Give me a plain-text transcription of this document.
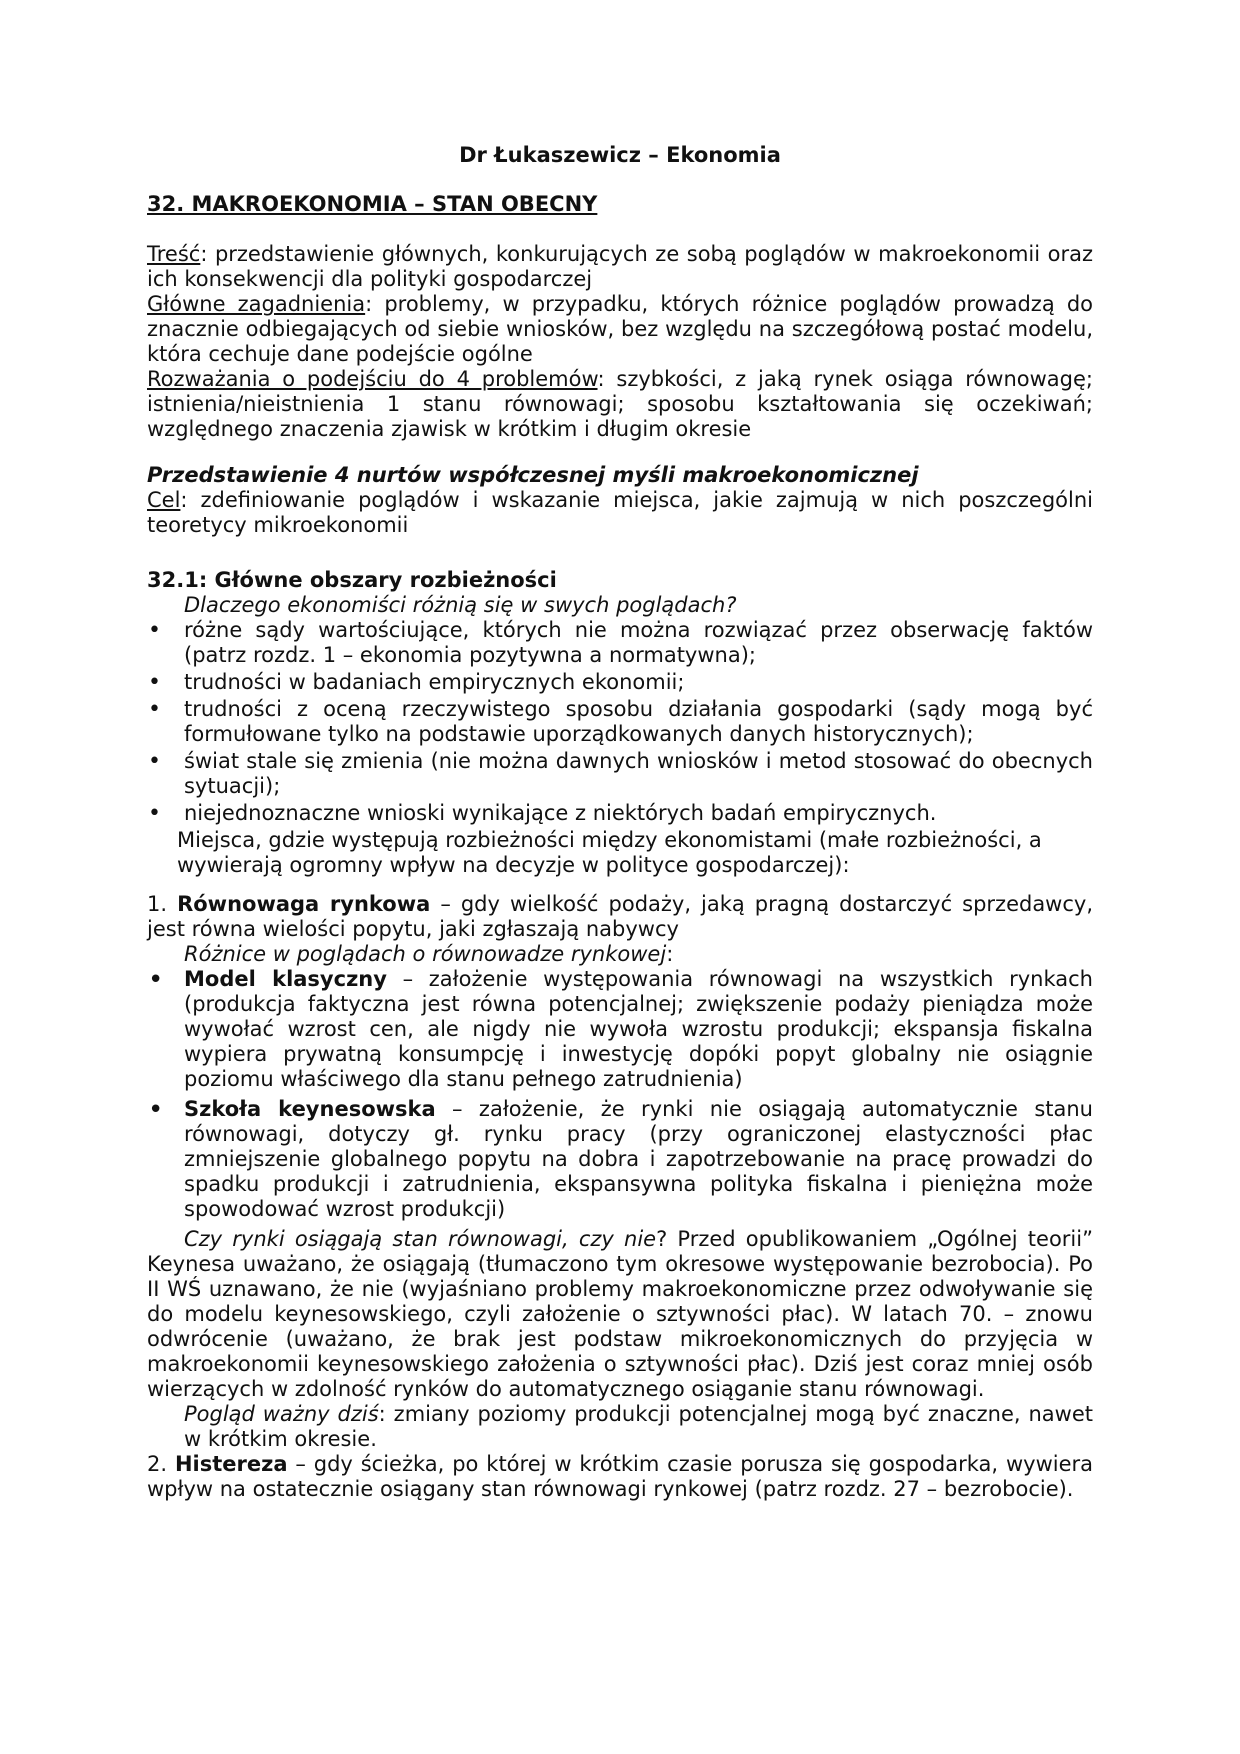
Dr Łukaszewicz – Ekonomia

32. MAKROEKONOMIA – STAN OBECNY

Treść: przedstawienie głównych, konkurujących ze sobą poglądów w makroekonomii oraz ich konsekwencji dla polityki gospodarczej

Główne zagadnienia: problemy, w przypadku, których różnice poglądów prowadzą do znacznie odbiegających od siebie wniosków, bez względu na szczegółową postać modelu, która cechuje dane podejście ogólne

Rozważania o podejściu do 4 problemów: szybkości, z jaką rynek osiąga równowagę; istnienia/nieistnienia 1 stanu równowagi; sposobu kształtowania się oczekiwań; względnego znaczenia zjawisk w krótkim i długim okresie

Przedstawienie 4 nurtów współczesnej myśli makroekonomicznej

Cel: zdefiniowanie poglądów i wskazanie miejsca, jakie zajmują w nich poszczególni teoretycy mikroekonomii

32.1: Główne obszary rozbieżności

Dlaczego ekonomiści różnią się w swych poglądach?

• różne sądy wartościujące, których nie można rozwiązać przez obserwację faktów (patrz rozdz. 1 – ekonomia pozytywna a normatywna);
• trudności w badaniach empirycznych ekonomii;
• trudności z oceną rzeczywistego sposobu działania gospodarki (sądy mogą być formułowane tylko na podstawie uporządkowanych danych historycznych);
• świat stale się zmienia (nie można dawnych wniosków i metod stosować do obecnych sytuacji);
• niejednoznaczne wnioski wynikające z niektórych badań empirycznych.

Miejsca, gdzie występują rozbieżności między ekonomistami (małe rozbieżności, a wywierają ogromny wpływ na decyzje w polityce gospodarczej):

1. Równowaga rynkowa – gdy wielkość podaży, jaką pragną dostarczyć sprzedawcy, jest równa wielości popytu, jaki zgłaszają nabywcy

Różnice w poglądach o równowadze rynkowej:

• Model klasyczny – założenie występowania równowagi na wszystkich rynkach (produkcja faktyczna jest równa potencjalnej; zwiększenie podaży pieniądza może wywołać wzrost cen, ale nigdy nie wywoła wzrostu produkcji; ekspansja fiskalna wypiera prywatną konsumpcję i inwestycję dopóki popyt globalny nie osiągnie poziomu właściwego dla stanu pełnego zatrudnienia)
• Szkoła keynesowska – założenie, że rynki nie osiągają automatycznie stanu równowagi, dotyczy gł. rynku pracy (przy ograniczonej elastyczności płac zmniejszenie globalnego popytu na dobra i zapotrzebowanie na pracę prowadzi do spadku produkcji i zatrudnienia, ekspansywna polityka fiskalna i pieniężna może spowodować wzrost produkcji)

Czy rynki osiągają stan równowagi, czy nie? Przed opublikowaniem „Ogólnej teorii” Keynesa uważano, że osiągają (tłumaczono tym okresowe występowanie bezrobocia). Po II WŚ uznawano, że nie (wyjaśniano problemy makroekonomiczne przez odwoływanie się do modelu keynesowskiego, czyli założenie o sztywności płac). W latach 70. – znowu odwrócenie (uważano, że brak jest podstaw mikroekonomicznych do przyjęcia w makroekonomii keynesowskiego założenia o sztywności płac). Dziś jest coraz mniej osób wierzących w zdolność rynków do automatycznego osiąganie stanu równowagi.

Pogląd ważny dziś: zmiany poziomy produkcji potencjalnej mogą być znaczne, nawet w krótkim okresie.

2. Histereza – gdy ścieżka, po której w krótkim czasie porusza się gospodarka, wywiera wpływ na ostatecznie osiągany stan równowagi rynkowej (patrz rozdz. 27 – bezrobocie).
